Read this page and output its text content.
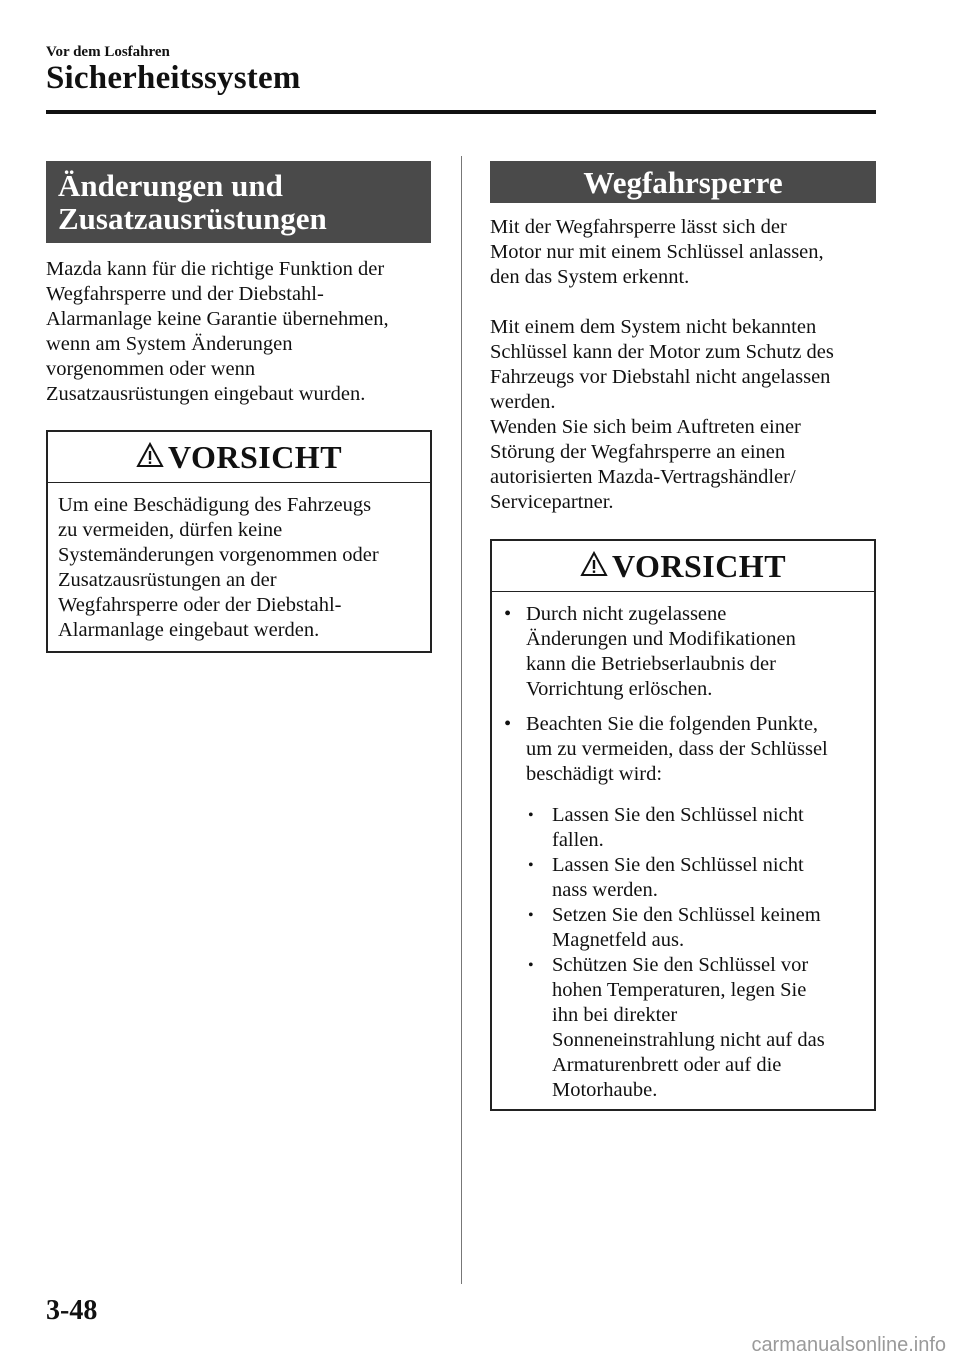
Vor dem Losfahren
Sicherheitssystem
Änderungen und
Zusatzausrüstungen

Mazda kann für die richtige Funktion der
Wegfahrsperre und der Diebstahl-
Alarmanlage keine Garantie übernehmen,
wenn am System Änderungen
vorgenommen oder wenn
Zusatzausrüstungen eingebaut wurden.

VORSICHT
Um eine Beschädigung des Fahrzeugs
zu vermeiden, dürfen keine
Systemänderungen vorgenommen oder
Zusatzausrüstungen an der
Wegfahrsperre oder der Diebstahl-
Alarmanlage eingebaut werden.
Wegfahrsperre

Mit der Wegfahrsperre lässt sich der
Motor nur mit einem Schlüssel anlassen,
den das System erkennt.

Mit einem dem System nicht bekannten
Schlüssel kann der Motor zum Schutz des
Fahrzeugs vor Diebstahl nicht angelassen
werden.
Wenden Sie sich beim Auftreten einer
Störung der Wegfahrsperre an einen
autorisierten Mazda-Vertragshändler/
Servicepartner.

VORSICHT
• Durch nicht zugelassene
Änderungen und Modifikationen
kann die Betriebserlaubnis der
Vorrichtung erlöschen.
• Beachten Sie die folgenden Punkte,
um zu vermeiden, dass der Schlüssel
beschädigt wird:
• Lassen Sie den Schlüssel nicht
fallen.
• Lassen Sie den Schlüssel nicht
nass werden.
• Setzen Sie den Schlüssel keinem
Magnetfeld aus.
• Schützen Sie den Schlüssel vor
hohen Temperaturen, legen Sie
ihn bei direkter
Sonneneinstrahlung nicht auf das
Armaturenbrett oder auf die
Motorhaube.
3-48
carmanualsonline.info
